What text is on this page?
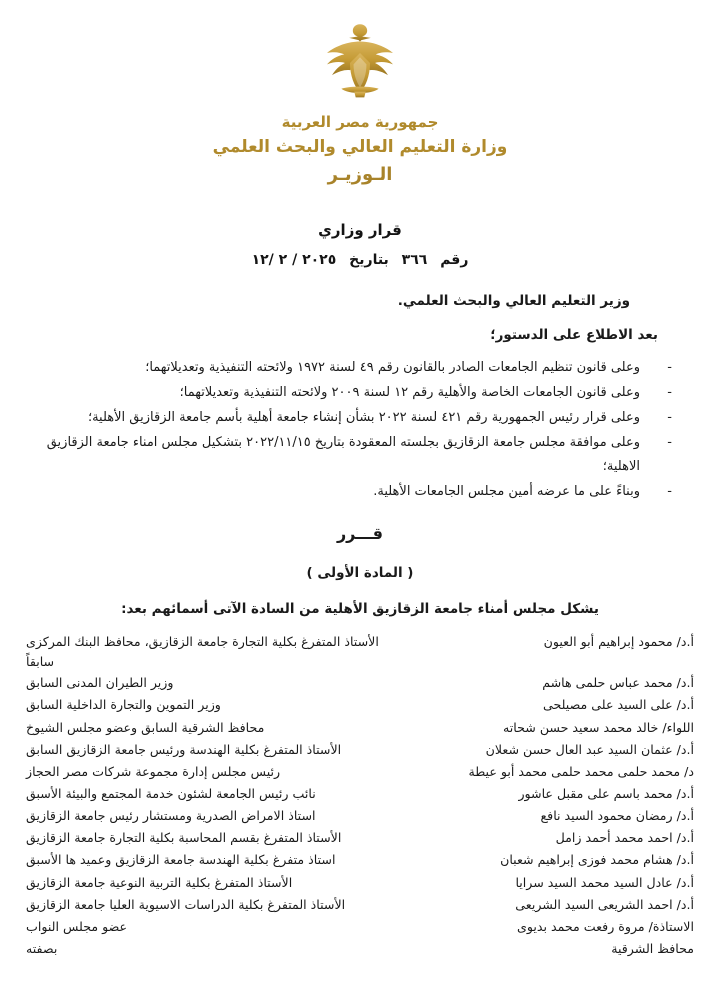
جمهورية مصر العربية
وزارة التعليم العالي والبحث العلمي
الـوزيـر
قرار وزاري
رقم ٣٦٦ بتاريخ ٢٠٢٥ / ٢ /١٢
وزير التعليم العالي والبحث العلمي.
بعد الاطلاع على الدستور؛
- وعلى قانون تنظيم الجامعات الصادر بالقانون رقم ٤٩ لسنة ١٩٧٢ ولائحته التنفيذية وتعديلاتهما؛
- وعلى قانون الجامعات الخاصة والأهلية رقم ١٢ لسنة ٢٠٠٩ ولائحته التنفيذية وتعديلاتهما؛
- وعلى قرار رئيس الجمهورية رقم ٤٢١ لسنة ٢٠٢٢ بشأن إنشاء جامعة أهلية بأسم جامعة الزقازيق الأهلية؛
- وعلى موافقة مجلس جامعة الزقازيق بجلسته المعقودة بتاريخ ٢٠٢٢/١١/١٥ بتشكيل مجلس امناء جامعة الزقازيق الاهلية؛
- وبناءً على ما عرضه أمين مجلس الجامعات الأهلية.
قـــرر
( المادة الأولى )
يشكل مجلس أمناء جامعة الزقازيق الأهلية من السادة الآتى أسمائهم بعد:
أ.د/ محمود إبراهيم أبو العيون	الأستاذ المتفرغ بكلية التجارة جامعة الزقازيق، محافظ البنك المركزى سابقاً
أ.د/ محمد عباس حلمى هاشم	وزير الطيران المدنى السابق
أ.د/ على السيد على مصيلحى	وزير التموين والتجارة الداخلية السابق
اللواء/ خالد محمد سعيد حسن شحاته	محافظ الشرقية السابق وعضو مجلس الشيوخ
أ.د/ عثمان السيد عبد العال حسن شعلان	الأستاذ المتفرغ بكلية الهندسة ورئيس جامعة الزقازيق السابق
د/ محمد حلمى محمد حلمى محمد أبو عيطة	رئيس مجلس إدارة مجموعة شركات مصر الحجاز
أ.د/ محمد باسم على مقبل عاشور	نائب رئيس الجامعة لشئون خدمة المجتمع والبيئة الأسبق
أ.د/ رمضان محمود السيد نافع	استاذ الامراض الصدرية ومستشار رئيس جامعة الزقازيق
أ.د/ احمد محمد أحمد زامل	الأستاذ المتفرغ بقسم المحاسبة بكلية التجارة جامعة الزقازيق
أ.د/ هشام محمد فوزى إبراهيم شعبان	استاذ متفرغ بكلية الهندسة جامعة الزقازيق وعميد ها الأسبق
أ.د/ عادل السيد محمد السيد سرايا	الأستاذ المتفرغ بكلية التربية النوعية جامعة الزقازيق
أ.د/ احمد الشريعى السيد الشريعى	الأستاذ المتفرغ بكلية الدراسات الاسيوية العليا جامعة الزقازيق
الاستاذة/ مروة رفعت محمد بديوى	عضو مجلس النواب
محافظ الشرقية	بصفته
